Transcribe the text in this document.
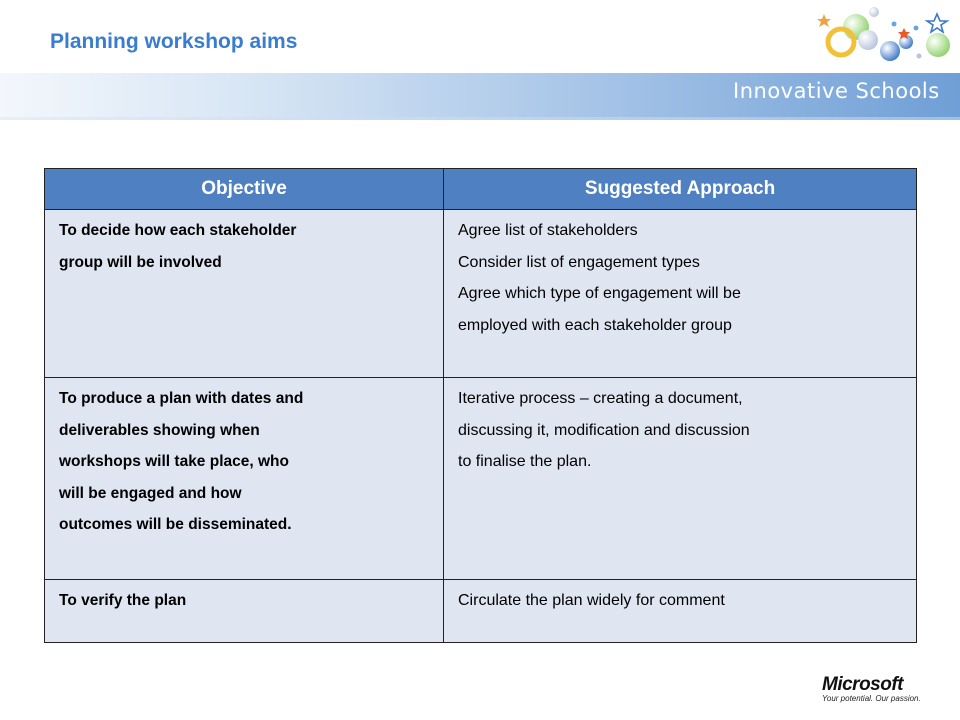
Planning workshop aims
Innovative Schools
Objective	Suggested Approach

To decide how each stakeholder
group will be involved	Agree list of stakeholders
Consider list of engagement types
Agree which type of engagement will be
employed with each stakeholder group

To produce a plan with dates and
deliverables showing when
workshops will take place, who
will be engaged and how
outcomes will be disseminated.	Iterative process – creating a document,
discussing it, modification and discussion
to finalise the plan.

To verify the plan	Circulate the plan widely for comment
Microsoft
Your potential. Our passion.
